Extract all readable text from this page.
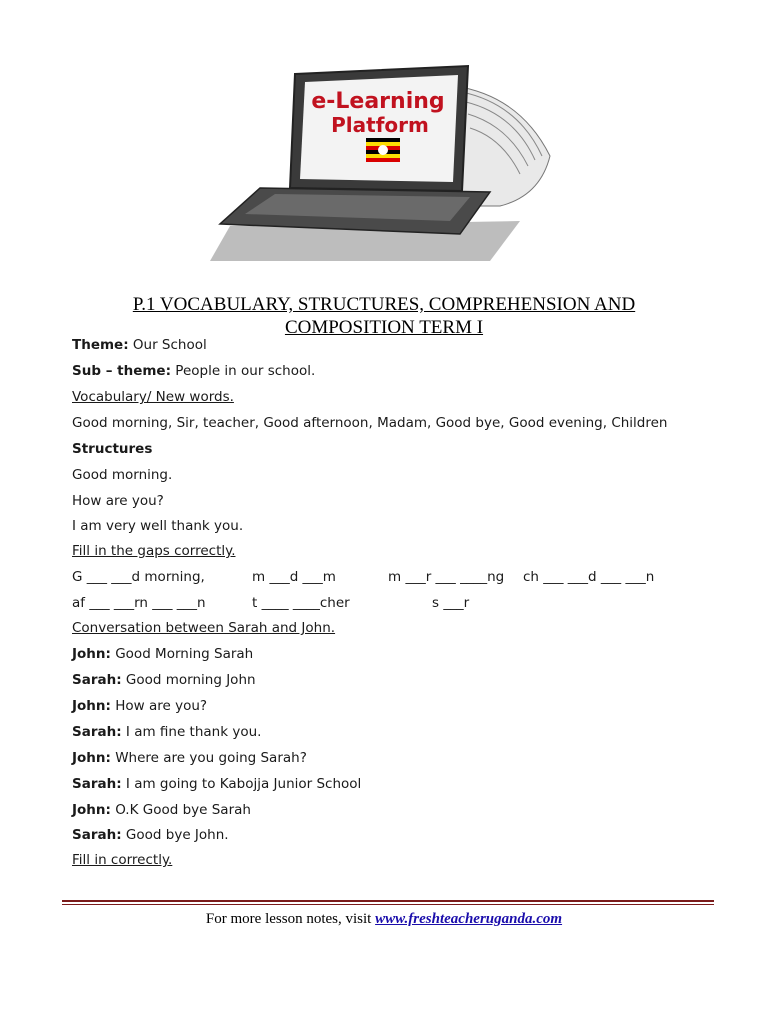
e-Learning
Platform
P.1 VOCABULARY, STRUCTURES, COMPREHENSION AND
COMPOSITION TERM I
Theme: Our School
Sub – theme: People in our school.
Vocabulary/ New words.
Good morning, Sir, teacher, Good afternoon, Madam, Good bye, Good evening, Children
Structures
Good morning.
How are you?
I am very well thank you.
Fill in the gaps correctly.
G ___ ___d morning,	m ___d ___m	m ___r ___ ____ng ch ___ ___d ___ ___n
af ___ ___rn ___ ___n	t ____ ____cher	s ___r
Conversation between Sarah and John.
John: Good Morning Sarah
Sarah: Good morning John
John: How are you?
Sarah: I am fine thank you.
John: Where are you going Sarah?
Sarah: I am going to Kabojja Junior School
John: O.K Good bye Sarah
Sarah: Good bye John.
Fill in correctly.
For more lesson notes, visit www.freshteacheruganda.com
